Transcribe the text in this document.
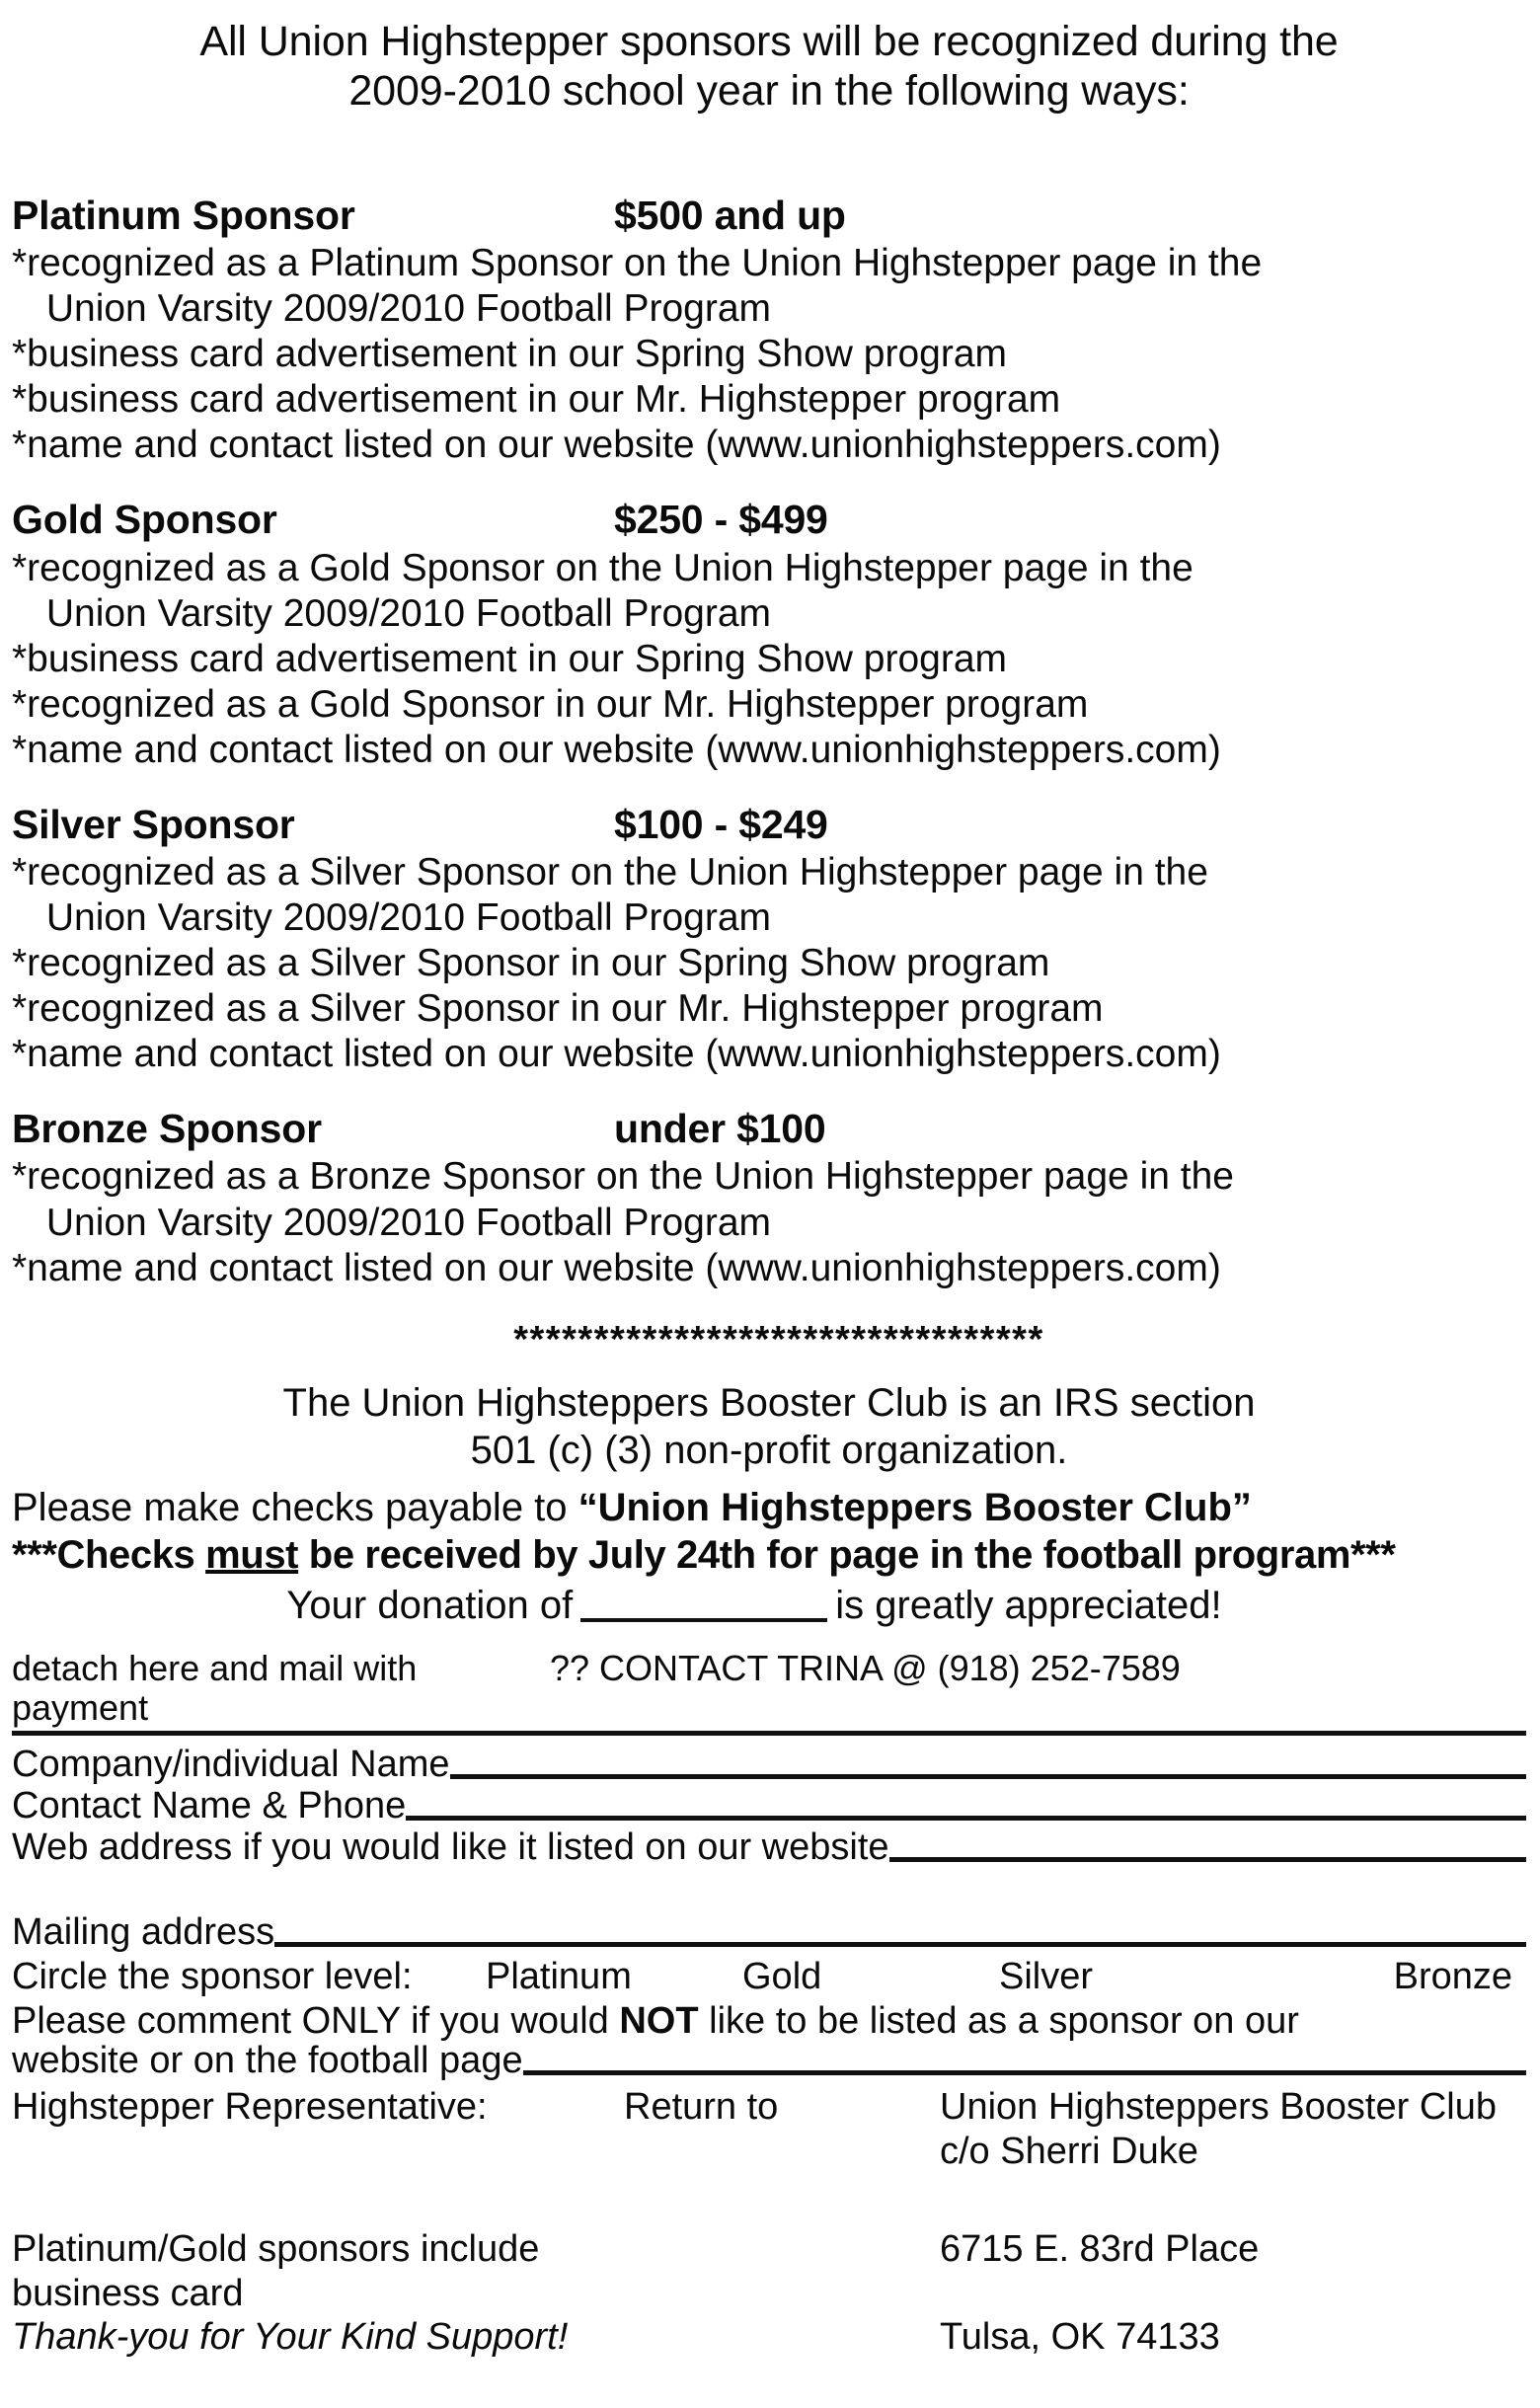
All Union Highstepper sponsors will be recognized during the
2009-2010 school year in the following ways:
Platinum Sponsor	$500 and up
*recognized as a Platinum Sponsor on the Union Highstepper page in the
Union Varsity 2009/2010 Football Program
*business card advertisement in our Spring Show program
*business card advertisement in our Mr. Highstepper program
*name and contact listed on our website (www.unionhighsteppers.com)
Gold Sponsor	$250 - $499
*recognized as a Gold Sponsor on the Union Highstepper page in the
Union Varsity 2009/2010 Football Program
*business card advertisement in our Spring Show program
*recognized as a Gold Sponsor in our Mr. Highstepper program
*name and contact listed on our website (www.unionhighsteppers.com)
Silver Sponsor	$100 - $249
*recognized as a Silver Sponsor on the Union Highstepper page in the
Union Varsity 2009/2010 Football Program
*recognized as a Silver Sponsor in our Spring Show program
*recognized as a Silver Sponsor in our Mr. Highstepper program
*name and contact listed on our website (www.unionhighsteppers.com)
Bronze Sponsor	under $100
*recognized as a Bronze Sponsor on the Union Highstepper page in the
Union Varsity 2009/2010 Football Program
*name and contact listed on our website (www.unionhighsteppers.com)
*********************************
The Union Highsteppers Booster Club is an IRS section
501 (c) (3) non-profit organization.
Please make checks payable to “Union Highsteppers Booster Club”
***Checks must be received by July 24th for page in the football program***
Your donation of	is greatly appreciated!
detach here and mail with payment
?? CONTACT TRINA @ (918) 252-7589
Company/individual Name
Contact Name & Phone
Web address if you would like it listed on our website
Mailing address
Circle the sponsor level:	Platinum	Gold	Silver	Bronze
Please comment ONLY if you would NOT like to be listed as a sponsor on our
website or on the football page
Highstepper Representative:	Return to	Union Highsteppers Booster Club
c/o Sherri Duke
Platinum/Gold sponsors include business card
6715 E. 83rd Place
Thank-you for Your Kind Support!	Tulsa, OK 74133
